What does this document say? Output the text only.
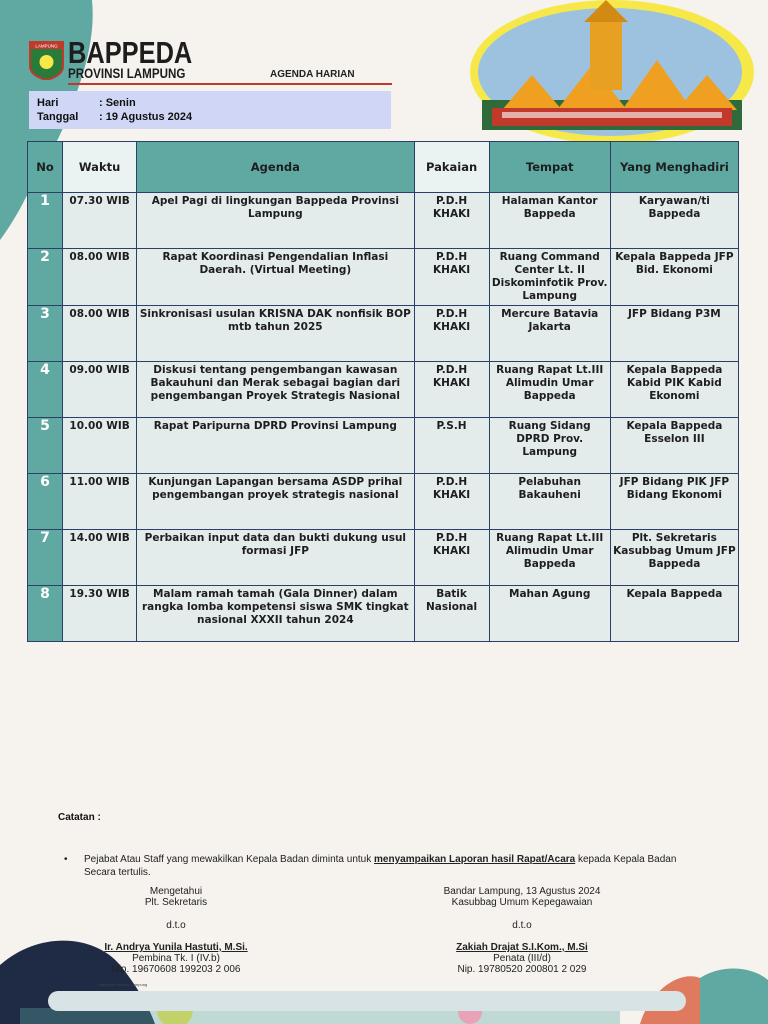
LAMPUNG BAPPEDA
PROVINSI LAMPUNG	AGENDA HARIAN
Hari	: Senin
Tanggal : 19 Agustus 2024
No	Waktu	Agenda	Pakaian	Tempat	Yang Menghadiri
1	07.30 WIB	Apel Pagi di lingkungan Bappeda Provinsi Lampung	P.D.H KHAKI	Halaman Kantor Bappeda	Karyawan/ti Bappeda
2	08.00 WIB	Rapat Koordinasi Pengendalian Inflasi Daerah. (Virtual Meeting)	P.D.H KHAKI	Ruang Command Center Lt. II Diskominfotik Prov. Lampung	Kepala Bappeda JFP Bid. Ekonomi
3	08.00 WIB	Sinkronisasi usulan KRISNA DAK nonfisik BOP mtb tahun 2025	P.D.H KHAKI	Mercure Batavia Jakarta	JFP Bidang P3M
4	09.00 WIB	Diskusi tentang pengembangan kawasan Bakauhuni dan Merak sebagai bagian dari pengembangan Proyek Strategis Nasional	P.D.H KHAKI	Ruang Rapat Lt.III Alimudin Umar Bappeda	Kepala Bappeda Kabid PIK Kabid Ekonomi
5	10.00 WIB	Rapat Paripurna DPRD Provinsi Lampung	P.S.H	Ruang Sidang DPRD Prov. Lampung	Kepala Bappeda Esselon III
6	11.00 WIB	Kunjungan Lapangan bersama ASDP prihal pengembangan proyek strategis nasional	P.D.H KHAKI	Pelabuhan Bakauheni	JFP Bidang PIK JFP Bidang Ekonomi
7	14.00 WIB	Perbaikan input data dan bukti dukung usul formasi JFP	P.D.H KHAKI	Ruang Rapat Lt.III Alimudin Umar Bappeda	Plt. Sekretaris Kasubbag Umum JFP Bappeda
8	19.30 WIB	Malam ramah tamah (Gala Dinner) dalam rangka lomba kompetensi siswa SMK tingkat nasional XXXII tahun 2024	Batik Nasional	Mahan Agung	Kepala Bappeda
Catatan :
•	Pejabat Atau Staff yang mewakilkan Kepala Badan diminta untuk menyampaikan Laporan hasil Rapat/Acara kepada Kepala Badan Secara tertulis.
Mengetahui
Plt. Sekretaris
d.t.o
Ir. Andrya Yunila Hastuti, M.Si.
Pembina Tk. I (IV.b)
Nip. 19670608 199203 2 006
Bandar Lampung, 13 Agustus 2024
Kasubbag Umum Kepegawaian
d.t.o
Zakiah Drajat S.I.Kom., M.Si
Penata (III/d)
Nip. 19780520 200801 2 029
Bappeda Provinsi Lampung
